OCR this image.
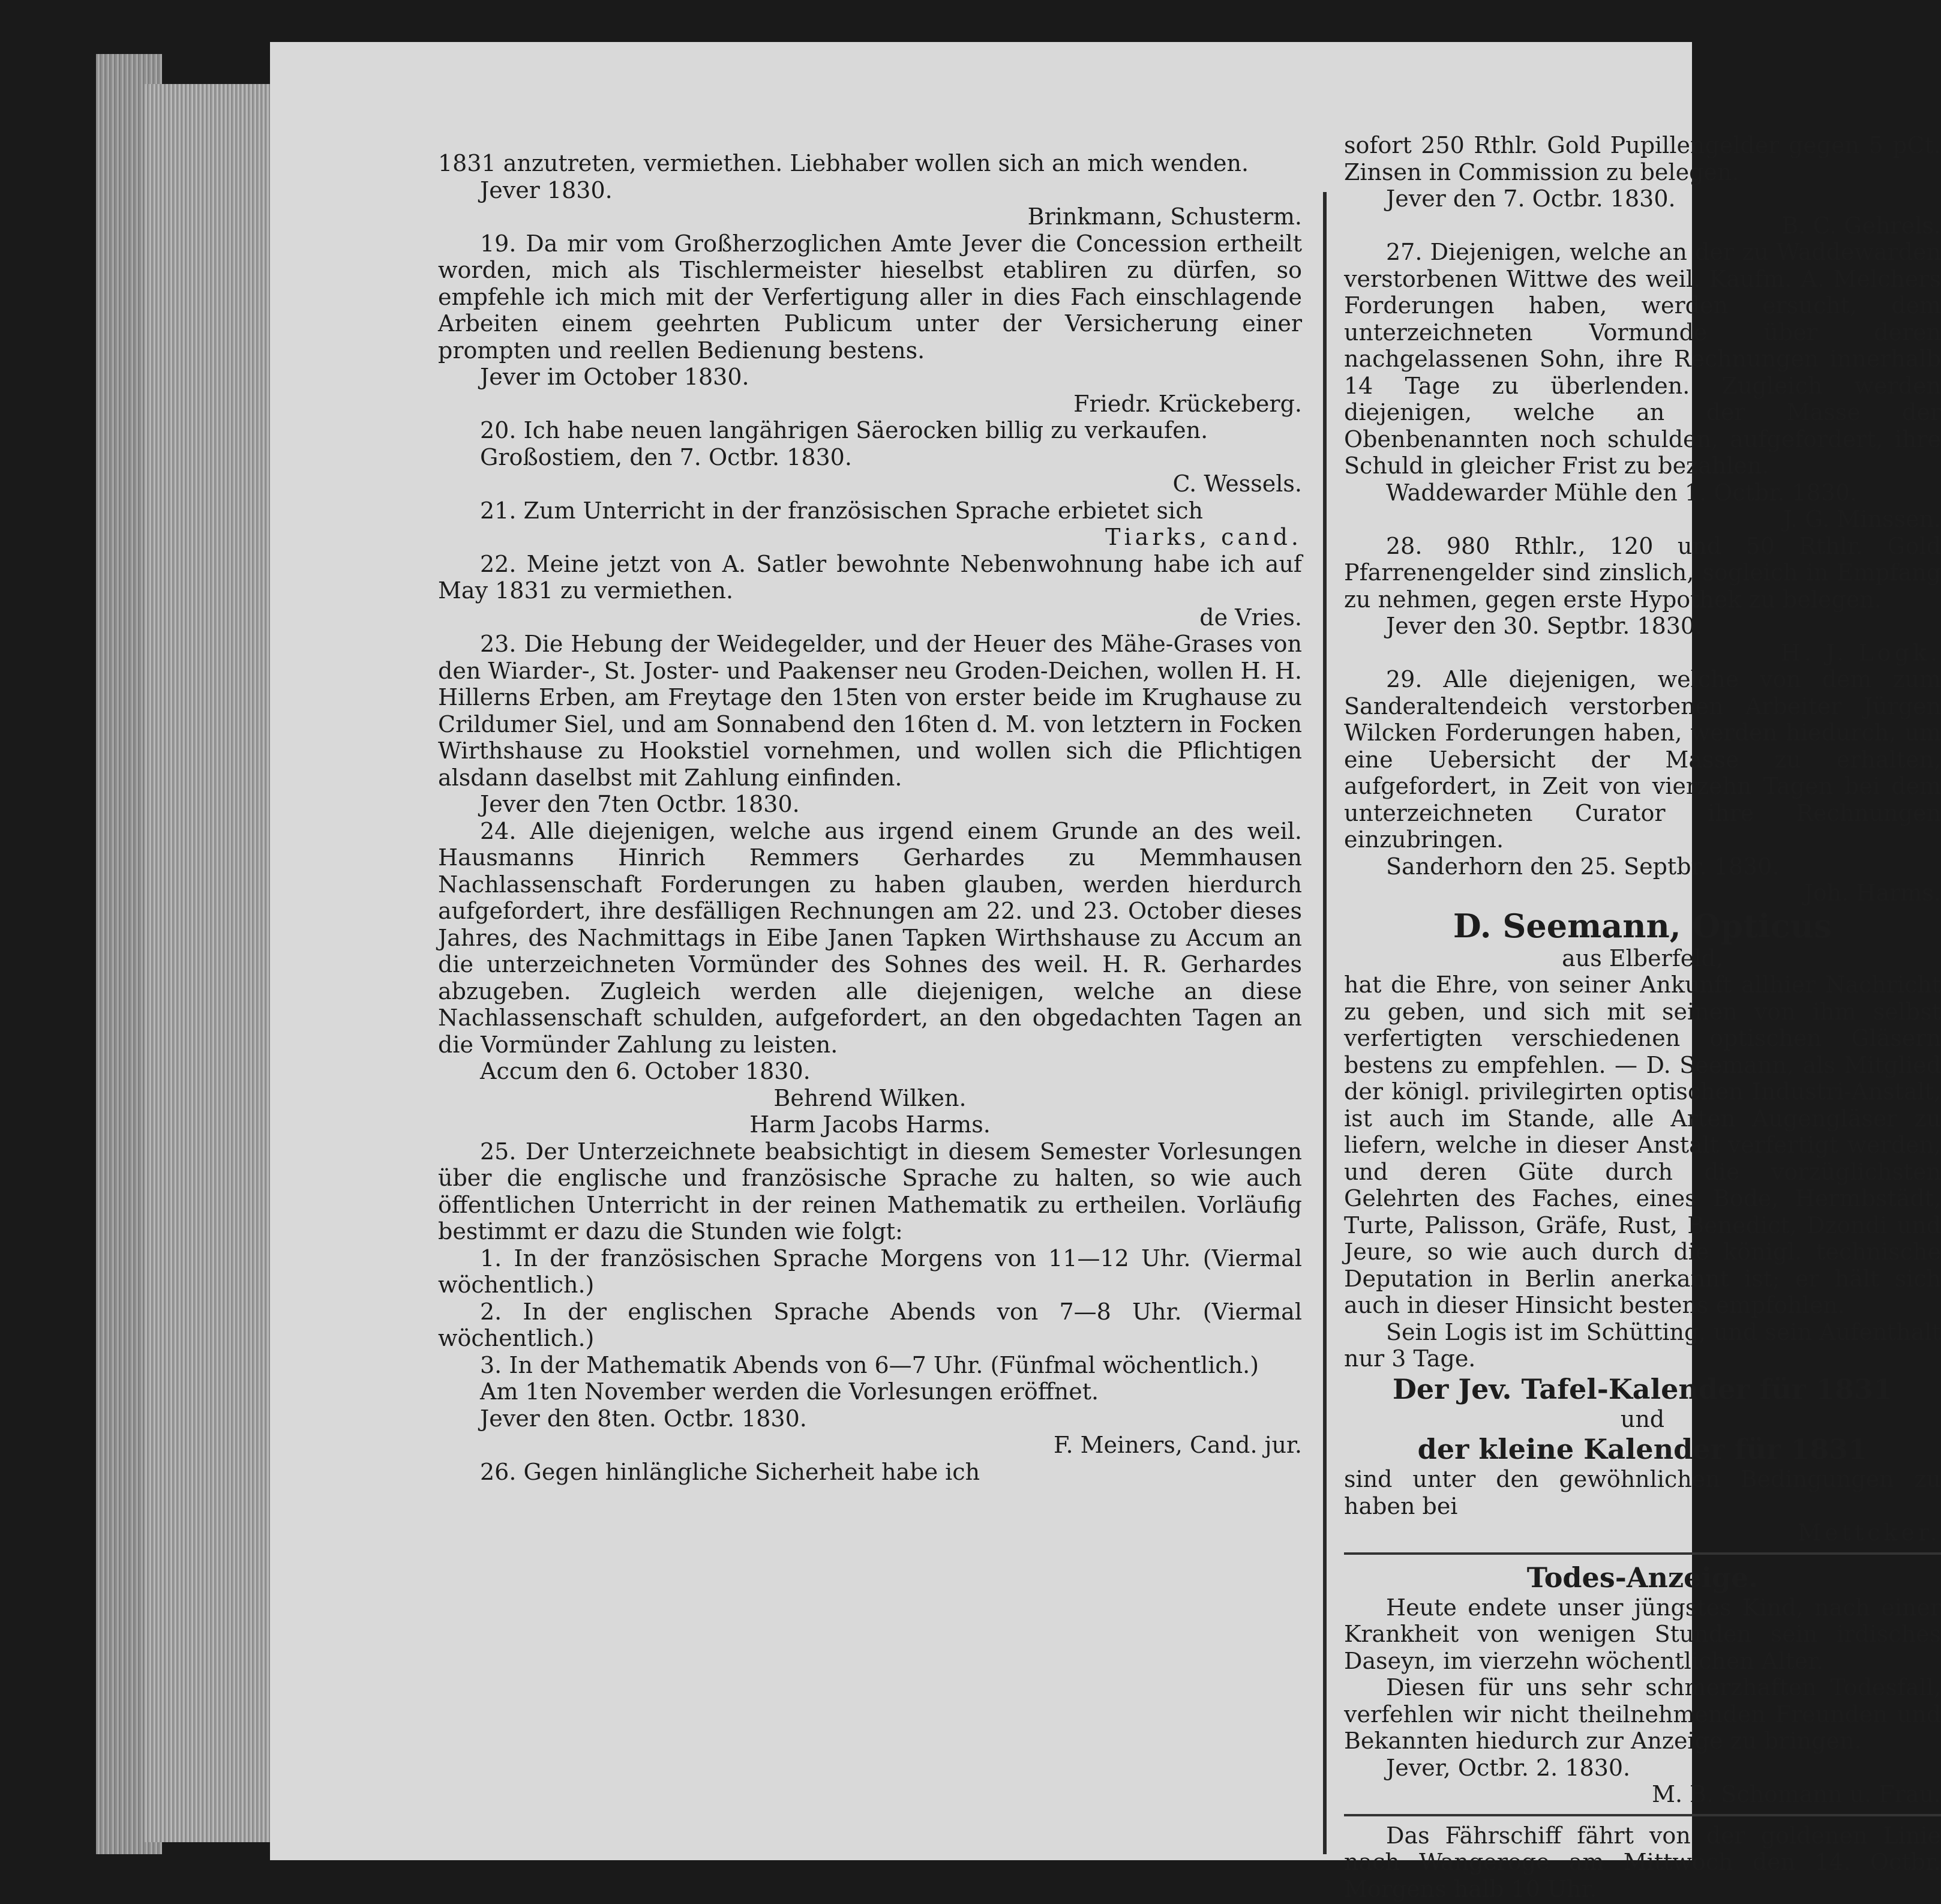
1831 anzutreten, vermiethen. Liebhaber wollen sich an mich wenden.

Jever 1830.

Brinkmann, Schusterm.

19. Da mir vom Großherzoglichen Amte Jever die Concession ertheilt worden, mich als Tischlermeister hieselbst etabliren zu dürfen, so empfehle ich mich mit der Verfertigung aller in dies Fach einschlagende Arbeiten einem geehrten Publicum unter der Versicherung einer prompten und reellen Bedienung bestens.

Jever im October 1830.

Friedr. Krückeberg.

20. Ich habe neuen langährigen Säerocken billig zu verkaufen.

Großostiem, den 7. Octbr. 1830.

C. Wessels.

21. Zum Unterricht in der französischen Sprache erbietet sich

Tiarks, cand.

22. Meine jetzt von A. Satler bewohnte Nebenwohnung habe ich auf May 1831 zu vermiethen.

de Vries.

23. Die Hebung der Weidegelder, und der Heuer des Mähe-Grases von den Wiarder-, St. Joster- und Paakenser neu Groden-Deichen, wollen H. H. Hillerns Erben, am Freytage den 15ten von erster beide im Krughause zu Crildumer Siel, und am Sonnabend den 16ten d. M. von letztern in Focken Wirthshause zu Hookstiel vornehmen, und wollen sich die Pflichtigen alsdann daselbst mit Zahlung einfinden.

Jever den 7ten Octbr. 1830.

24. Alle diejenigen, welche aus irgend einem Grunde an des weil. Hausmanns Hinrich Remmers Gerhardes zu Memmhausen Nachlassenschaft Forderungen zu haben glauben, werden hierdurch aufgefordert, ihre desfälligen Rechnungen am 22. und 23. October dieses Jahres, des Nachmittags in Eibe Janen Tapken Wirthshause zu Accum an die unterzeichneten Vormünder des Sohnes des weil. H. R. Gerhardes abzugeben. Zugleich werden alle diejenigen, welche an diese Nachlassenschaft schulden, aufgefordert, an den obgedachten Tagen an die Vormünder Zahlung zu leisten.

Accum den 6. October 1830.

Behrend Wilken.

Harm Jacobs Harms.

25. Der Unterzeichnete beabsichtigt in diesem Semester Vorlesungen über die englische und französische Sprache zu halten, so wie auch öffentlichen Unterricht in der reinen Mathematik zu ertheilen. Vorläufig bestimmt er dazu die Stunden wie folgt:

1. In der französischen Sprache Morgens von 11—12 Uhr. (Viermal wöchentlich.)

2. In der englischen Sprache Abends von 7—8 Uhr. (Viermal wöchentlich.)

3. In der Mathematik Abends von 6—7 Uhr. (Fünfmal wöchentlich.)

Am 1ten November werden die Vorlesungen eröffnet.

Jever den 8ten. Octbr. 1830.

F. Meiners, Cand. jur.

26. Gegen hinlängliche Sicherheit habe ich

sofort 250 Rthlr. Gold Pupillengelder gegen 5 pCt. Zinsen in Commission zu belegen.

Jever den 7. Octbr. 1830.

B. C. Gehrels.

27. Diejenigen, welche an der zu Waddewarden verstorbenen Wittwe des weil. Kaufm. A. Melchers Forderungen haben, werden ersucht, dem unterzeichneten Vormunde über deren nachgelassenen Sohn, ihre Rechnungen innerhalb 14 Tage zu überlenden. Zugleich werden diejenigen, welche an der Masse der Obenbenannten noch schulden, aufgefordert, ihre Schuld in gleicher Frist zu bezahlen.

Waddewarder Mühle den 1. Octbr. 1830.

J. G. Minssen.

28. 980 Rthlr., 120 und 50 Rthlr. Gold Pfarrenengelder sind zinslich, sogleich in Empfang zu nehmen, gegen erste Hypothek zu belegen.

Jever den 30. Septbr. 1830.

H. J. Logk.

29. Alle diejenigen, welche von dem zum Sanderaltendeich verstorbenen Arbeiter Jürgen Wilcken Forderungen haben, werden hiedurch, um eine Uebersicht der Masse zu erhalten, aufgefordert, in Zeit von vierzehn Tagen bei dem unterzeichneten Curator ihre Rechnungen einzubringen.

Sanderhorn den 25. Septbr. 1830.

Joh. Harms.

D. Seemann, Opticus

aus Elberfeld,

hat die Ehre, von seiner Ankunft allhier Nachricht zu geben, und sich mit seinen von ihm selbst verfertigten verschiedenen optischen Gläsern bestens zu empfehlen. — D. Seemann, als Mitglied der königl. privilegirten optischen Industri-Anstalt, ist auch im Stande, alle Arten Augengläser zu liefern, welche in dieser Anstalt verfertigt werden, und deren Güte durch die vorzüglichsten Gelehrten des Faches, eines Bode, Hermbstädt, Turte, Palisson, Gräfe, Rust, Benedict, Dzondi und Jeure, so wie auch durch die königl. technische Deputation in Berlin anerkannt ist; er hält sich auch in dieser Hinsicht bestens empfohlen.

Sein Logis ist im Schütting, und sein Aufenthalt nur 3 Tage.

Der Jev. Tafel-Kalender für 1831

und

der kleine Kalender für 1831

sind unter den gewöhnlichen Bedingungen zu haben bei

Mettcker.

Todes-Anzeige.

Heute endete unser jüngstes Kind, nach einer Krankheit von wenigen Stunden sein irdisches Daseyn, im vierzehn wöchentlichen Alter.

Diesen für uns sehr schmerzhaften Todesfall, verfehlen wir nicht theilnehmenden Freunden und Bekannten hiedurch zur Anzeige zu bringen.

Jever, Octbr. 2. 1830.

M. B. Schomann u. Frau.

Das Fährschiff fährt von der goldenen Linie nach Wangeroge am Mittwoch den 14. Octbr. Morgens halb 10 Uhr.
